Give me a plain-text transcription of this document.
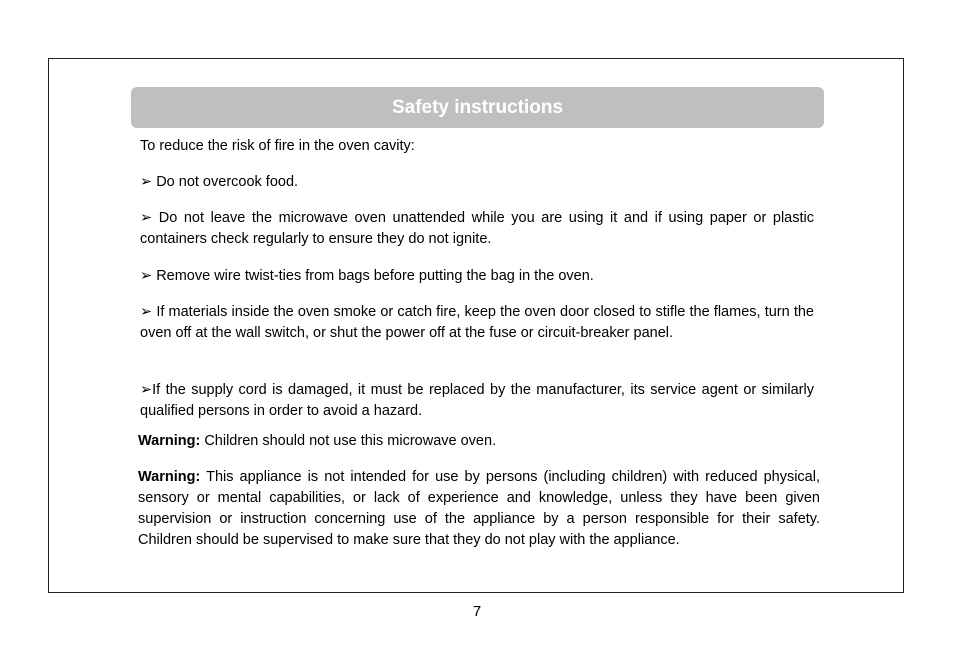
Safety instructions
To reduce the risk of fire in the oven cavity:
➢ Do not overcook food.
➢ Do not leave the microwave oven unattended while you are using it and if using paper or plastic containers check regularly to ensure they do not ignite.
➢ Remove wire twist-ties from bags before putting the bag in the oven.
➢ If materials inside the oven smoke or catch fire, keep the oven door closed to stifle the flames, turn the oven off at the wall switch, or shut the power off at the fuse or circuit-breaker panel.
➢If the supply cord is damaged, it must be replaced by the manufacturer, its service agent or similarly qualified persons in order to avoid a hazard.
Warning: Children should not use this microwave oven.
Warning: This appliance is not intended for use by persons (including children) with reduced physical, sensory or mental capabilities, or lack of experience and knowledge, unless they have been given supervision or instruction concerning use of the appliance by a person responsible for their safety. Children should be supervised to make sure that they do not play with the appliance.
7
